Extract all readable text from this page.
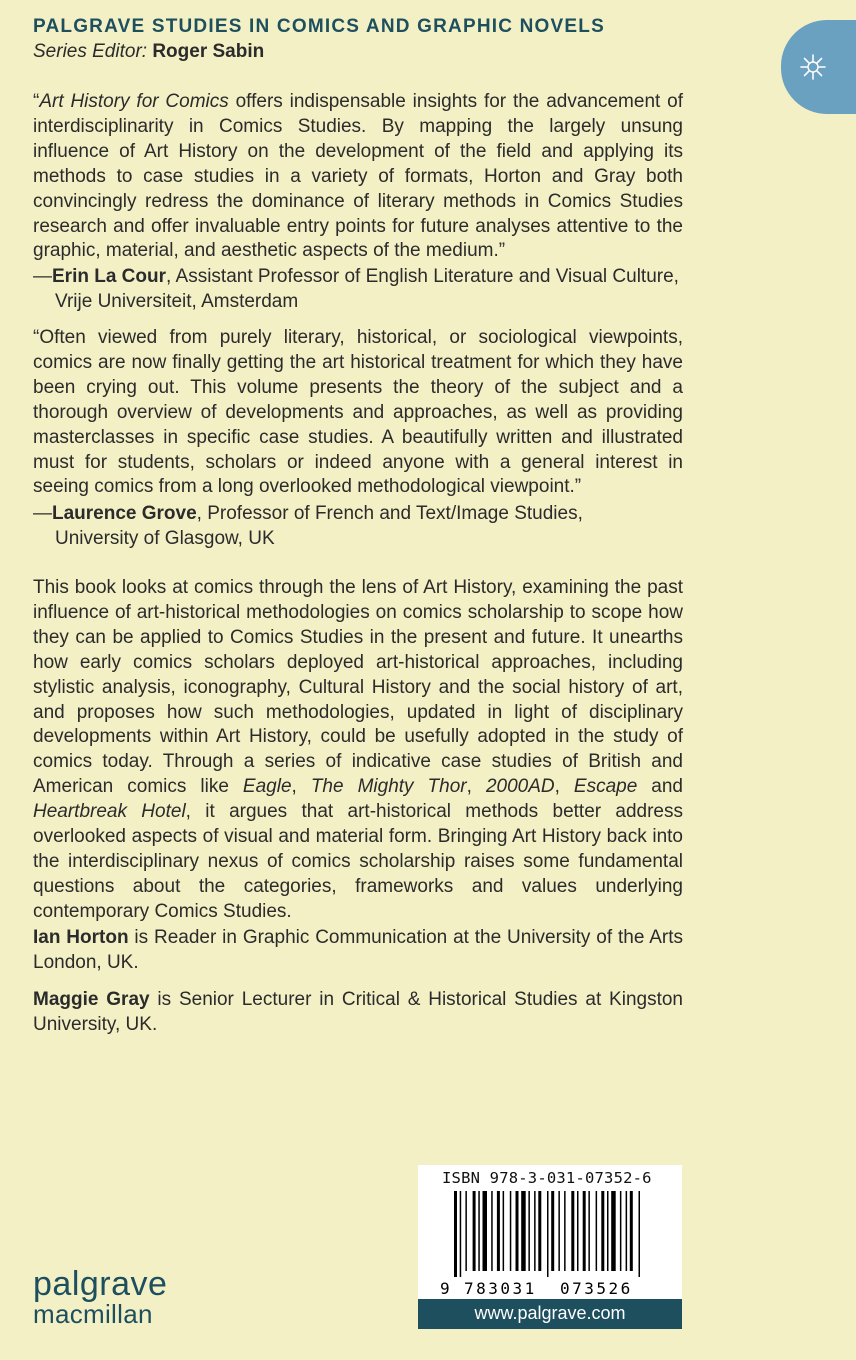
PALGRAVE STUDIES IN COMICS AND GRAPHIC NOVELS
Series Editor: Roger Sabin

“Art History for Comics offers indispensable insights for the advancement of interdisciplinarity in Comics Studies. By mapping the largely unsung influence of Art History on the development of the field and applying its methods to case studies in a variety of formats, Horton and Gray both convincingly redress the dominance of literary methods in Comics Studies research and offer invaluable entry points for future analyses attentive to the graphic, material, and aesthetic aspects of the medium.”

—Erin La Cour, Assistant Professor of English Literature and Visual Culture,
Vrije Universiteit, Amsterdam

“Often viewed from purely literary, historical, or sociological viewpoints, comics are now finally getting the art historical treatment for which they have been crying out. This volume presents the theory of the subject and a thorough overview of developments and approaches, as well as providing masterclasses in specific case studies. A beautifully written and illustrated must for students, scholars or indeed anyone with a general interest in seeing comics from a long overlooked methodological viewpoint.”

—Laurence Grove, Professor of French and Text/Image Studies,
University of Glasgow, UK

This book looks at comics through the lens of Art History, examining the past influence of art-historical methodologies on comics scholarship to scope how they can be applied to Comics Studies in the present and future. It unearths how early comics scholars deployed art-historical approaches, including stylistic analysis, iconography, Cultural History and the social history of art, and proposes how such methodologies, updated in light of disciplinary developments within Art History, could be usefully adopted in the study of comics today. Through a series of indicative case studies of British and American comics like Eagle, The Mighty Thor, 2000AD, Escape and Heartbreak Hotel, it argues that art-historical methods better address overlooked aspects of visual and material form. Bringing Art History back into the interdisciplinary nexus of comics scholarship raises some fundamental questions about the categories, frameworks and values underlying contemporary Comics Studies.

Ian Horton is Reader in Graphic Communication at the University of the Arts London, UK.
Maggie Gray is Senior Lecturer in Critical & Historical Studies at Kingston University, UK.
palgrave
macmillan
ISBN 978-3-031-07352-6
9 783031 073526
www.palgrave.com
